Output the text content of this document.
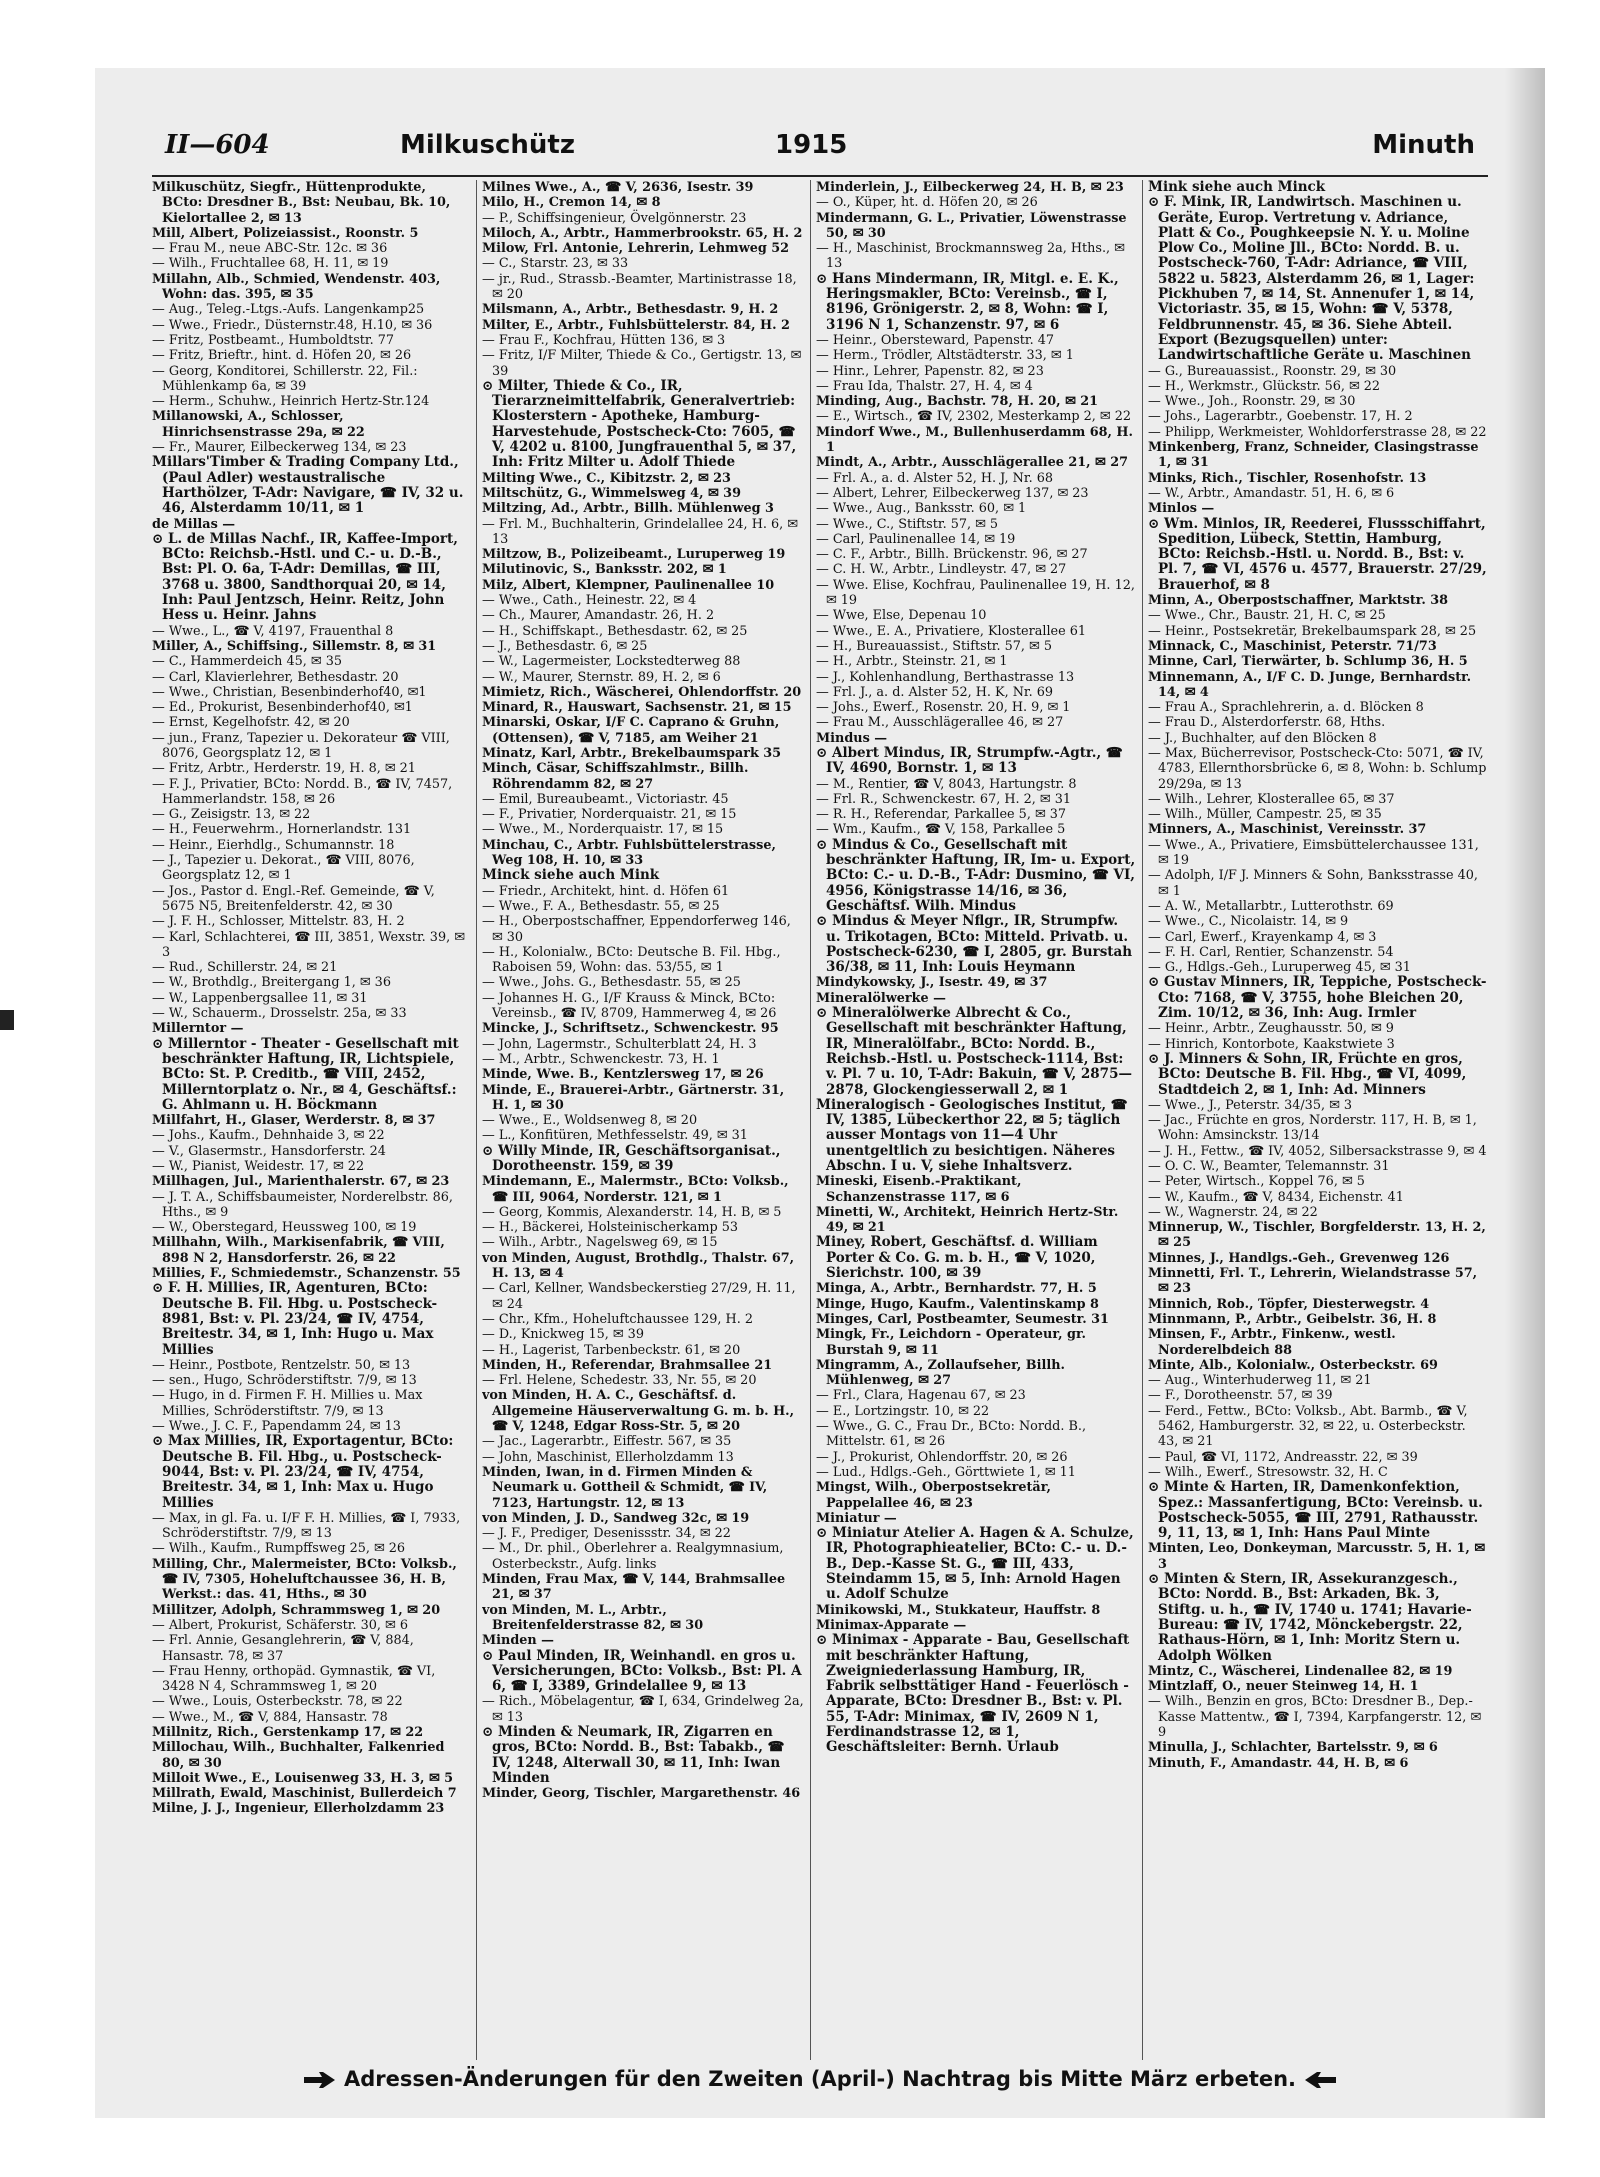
II—604	Milkuschütz	1915	Minuth

Milkuschütz, Siegfr., Hüttenprodukte, BCto: Dresdner B., Bst: Neubau, Bk. 10, Kielortallee 2, ✉ 13

Mill, Albert, Polizeiassist., Roonstr. 5

— Frau M., neue ABC-Str. 12c. ✉ 36

— Wilh., Fruchtallee 68, H. 11, ✉ 19

Millahn, Alb., Schmied, Wendenstr. 403, Wohn: das. 395, ✉ 35

— Aug., Teleg.-Ltgs.-Aufs. Langenkamp25

— Wwe., Friedr., Düsternstr.48, H.10, ✉ 36

— Fritz, Postbeamt., Humboldtstr. 77

— Fritz, Brieftr., hint. d. Höfen 20, ✉ 26

— Georg, Konditorei, Schillerstr. 22, Fil.: Mühlenkamp 6a, ✉ 39

— Herm., Schuhw., Heinrich Hertz-Str.124

Millanowski, A., Schlosser, Hinrichsenstrasse 29a, ✉ 22

— Fr., Maurer, Eilbeckerweg 134, ✉ 23

Millars'Timber & Trading Company Ltd., (Paul Adler) westaustralische Harthölzer, T-Adr: Navigare, ☎ IV, 32 u. 46, Alsterdamm 10/11, ✉ 1

de Millas —

⊙ L. de Millas Nachf., IR, Kaffee-Import, BCto: Reichsb.-Hstl. und C.- u. D.-B., Bst: Pl. O. 6a, T-Adr: Demillas, ☎ III, 3768 u. 3800, Sandthorquai 20, ✉ 14, Inh: Paul Jentzsch, Heinr. Reitz, John Hess u. Heinr. Jahns

— Wwe., L., ☎ V, 4197, Frauenthal 8

Miller, A., Schiffsing., Sillemstr. 8, ✉ 31

— C., Hammerdeich 45, ✉ 35

— Carl, Klavierlehrer, Bethesdastr. 20

— Wwe., Christian, Besenbinderhof40, ✉1

— Ed., Prokurist, Besenbinderhof40, ✉1

— Ernst, Kegelhofstr. 42, ✉ 20

— jun., Franz, Tapezier u. Dekorateur ☎ VIII, 8076, Georgsplatz 12, ✉ 1

— Fritz, Arbtr., Herderstr. 19, H. 8, ✉ 21

— F. J., Privatier, BCto: Nordd. B., ☎ IV, 7457, Hammerlandstr. 158, ✉ 26

— G., Zeisigstr. 13, ✉ 22

— H., Feuerwehrm., Hornerlandstr. 131

— Heinr., Eierhdlg., Schumannstr. 18

— J., Tapezier u. Dekorat., ☎ VIII, 8076, Georgsplatz 12, ✉ 1

— Jos., Pastor d. Engl.-Ref. Gemeinde, ☎ V, 5675 N5, Breitenfelderstr. 42, ✉ 30

— J. F. H., Schlosser, Mittelstr. 83, H. 2

— Karl, Schlachterei, ☎ III, 3851, Wexstr. 39, ✉ 3

— Rud., Schillerstr. 24, ✉ 21

— W., Brothdlg., Breitergang 1, ✉ 36

— W., Lappenbergsallee 11, ✉ 31

— W., Schauerm., Drosselstr. 25a, ✉ 33

Millerntor —

⊙ Millerntor - Theater - Gesellschaft mit beschränkter Haftung, IR, Lichtspiele, BCto: St. P. Creditb., ☎ VIII, 2452, Millerntorplatz o. Nr., ✉ 4, Geschäftsf.: G. Ahlmann u. H. Böckmann

Millfahrt, H., Glaser, Werderstr. 8, ✉ 37

— Johs., Kaufm., Dehnhaide 3, ✉ 22

— V., Glasermstr., Hansdorferstr. 24

— W., Pianist, Weidestr. 17, ✉ 22

Millhagen, Jul., Marienthalerstr. 67, ✉ 23

— J. T. A., Schiffsbaumeister, Norderelbstr. 86, Hths., ✉ 9

— W., Oberstegard, Heussweg 100, ✉ 19

Millhahn, Wilh., Markisenfabrik, ☎ VIII, 898 N 2, Hansdorferstr. 26, ✉ 22

Millies, F., Schmiedemstr., Schanzenstr. 55

⊙ F. H. Millies, IR, Agenturen, BCto: Deutsche B. Fil. Hbg. u. Postscheck-8981, Bst: v. Pl. 23/24, ☎ IV, 4754, Breitestr. 34, ✉ 1, Inh: Hugo u. Max Millies

— Heinr., Postbote, Rentzelstr. 50, ✉ 13

— sen., Hugo, Schröderstiftstr. 7/9, ✉ 13

— Hugo, in d. Firmen F. H. Millies u. Max Millies, Schröderstiftstr. 7/9, ✉ 13

— Wwe., J. C. F., Papendamm 24, ✉ 13

⊙ Max Millies, IR, Exportagentur, BCto: Deutsche B. Fil. Hbg., u. Postscheck-9044, Bst: v. Pl. 23/24, ☎ IV, 4754, Breitestr. 34, ✉ 1, Inh: Max u. Hugo Millies

— Max, in gl. Fa. u. I/F F. H. Millies, ☎ I, 7933, Schröderstiftstr. 7/9, ✉ 13

— Wilh., Kaufm., Rumpffsweg 25, ✉ 26

Milling, Chr., Malermeister, BCto: Volksb., ☎ IV, 7305, Hoheluftchaussee 36, H. B, Werkst.: das. 41, Hths., ✉ 30

Millitzer, Adolph, Schrammsweg 1, ✉ 20

— Albert, Prokurist, Schäferstr. 30, ✉ 6

— Frl. Annie, Gesanglehrerin, ☎ V, 884, Hansastr. 78, ✉ 37

— Frau Henny, orthopäd. Gymnastik, ☎ VI, 3428 N 4, Schrammsweg 1, ✉ 20

— Wwe., Louis, Osterbeckstr. 78, ✉ 22

— Wwe., M., ☎ V, 884, Hansastr. 78

Millnitz, Rich., Gerstenkamp 17, ✉ 22

Millochau, Wilh., Buchhalter, Falkenried 80, ✉ 30

Milloit Wwe., E., Louisenweg 33, H. 3, ✉ 5

Millrath, Ewald, Maschinist, Bullerdeich 7

Milne, J. J., Ingenieur, Ellerholzdamm 23

Milnes Wwe., A., ☎ V, 2636, Isestr. 39

Milo, H., Cremon 14, ✉ 8

— P., Schiffsingenieur, Övelgönnerstr. 23

Miloch, A., Arbtr., Hammerbrookstr. 65, H. 2

Milow, Frl. Antonie, Lehrerin, Lehmweg 52

— C., Starstr. 23, ✉ 33

— jr., Rud., Strassb.-Beamter, Martinistrasse 18, ✉ 20

Milsmann, A., Arbtr., Bethesdastr. 9, H. 2

Milter, E., Arbtr., Fuhlsbüttelerstr. 84, H. 2

— Frau F., Kochfrau, Hütten 136, ✉ 3

— Fritz, I/F Milter, Thiede & Co., Gertigstr. 13, ✉ 39

⊙ Milter, Thiede & Co., IR, Tierarzneimittelfabrik, Generalvertrieb: Klosterstern - Apotheke, Hamburg-Harvestehude, Postscheck-Cto: 7605, ☎ V, 4202 u. 8100, Jungfrauenthal 5, ✉ 37, Inh: Fritz Milter u. Adolf Thiede

Milting Wwe., C., Kibitzstr. 2, ✉ 23

Miltschütz, G., Wimmelsweg 4, ✉ 39

Miltzing, Ad., Arbtr., Billh. Mühlenweg 3

— Frl. M., Buchhalterin, Grindelallee 24, H. 6, ✉ 13

Miltzow, B., Polizeibeamt., Luruperweg 19

Milutinovic, S., Banksstr. 202, ✉ 1

Milz, Albert, Klempner, Paulinenallee 10

— Wwe., Cath., Heinestr. 22, ✉ 4

— Ch., Maurer, Amandastr. 26, H. 2

— H., Schiffskapt., Bethesdastr. 62, ✉ 25

— J., Bethesdastr. 6, ✉ 25

— W., Lagermeister, Lockstedterweg 88

— W., Maurer, Sternstr. 89, H. 2, ✉ 6

Mimietz, Rich., Wäscherei, Ohlendorffstr. 20

Minard, R., Hauswart, Sachsenstr. 21, ✉ 15

Minarski, Oskar, I/F C. Caprano & Gruhn, (Ottensen), ☎ V, 7185, am Weiher 21

Minatz, Karl, Arbtr., Brekelbaumspark 35

Minch, Cäsar, Schiffszahlmstr., Billh. Röhrendamm 82, ✉ 27

— Emil, Bureaubeamt., Victoriastr. 45

— F., Privatier, Norderquaistr. 21, ✉ 15

— Wwe., M., Norderquaistr. 17, ✉ 15

Minchau, C., Arbtr. Fuhlsbüttelerstrasse, Weg 108, H. 10, ✉ 33

Minck siehe auch Mink

— Friedr., Architekt, hint. d. Höfen 61

— Wwe., F. A., Bethesdastr. 55, ✉ 25

— H., Oberpostschaffner, Eppendorferweg 146, ✉ 30

— H., Kolonialw., BCto: Deutsche B. Fil. Hbg., Raboisen 59, Wohn: das. 53/55, ✉ 1

— Wwe., Johs. G., Bethesdastr. 55, ✉ 25

— Johannes H. G., I/F Krauss & Minck, BCto: Vereinsb., ☎ IV, 8709, Hammerweg 4, ✉ 26

Mincke, J., Schriftsetz., Schwenckestr. 95

— John, Lagermstr., Schulterblatt 24, H. 3

— M., Arbtr., Schwenckestr. 73, H. 1

Minde, Wwe. B., Kentzlersweg 17, ✉ 26

Minde, E., Brauerei-Arbtr., Gärtnerstr. 31, H. 1, ✉ 30

— Wwe., E., Woldsenweg 8, ✉ 20

— L., Konfitüren, Methfesselstr. 49, ✉ 31

⊙ Willy Minde, IR, Geschäftsorganisat., Dorotheenstr. 159, ✉ 39

Mindemann, E., Malermstr., BCto: Volksb., ☎ III, 9064, Norderstr. 121, ✉ 1

— Georg, Kommis, Alexanderstr. 14, H. B, ✉ 5

— H., Bäckerei, Holsteinischerkamp 53

— Wilh., Arbtr., Nagelsweg 69, ✉ 15

von Minden, August, Brothdlg., Thalstr. 67, H. 13, ✉ 4

— Carl, Kellner, Wandsbeckerstieg 27/29, H. 11, ✉ 24

— Chr., Kfm., Hoheluftchaussee 129, H. 2

— D., Knickweg 15, ✉ 39

— H., Lagerist, Tarbenbeckstr. 61, ✉ 20

Minden, H., Referendar, Brahmsallee 21

— Frl. Helene, Schedestr. 33, Nr. 55, ✉ 20

von Minden, H. A. C., Geschäftsf. d. Allgemeine Häuserverwaltung G. m. b. H., ☎ V, 1248, Edgar Ross-Str. 5, ✉ 20

— Jac., Lagerarbtr., Eiffestr. 567, ✉ 35

— John, Maschinist, Ellerholzdamm 13

Minden, Iwan, in d. Firmen Minden & Neumark u. Gottheil & Schmidt, ☎ IV, 7123, Hartungstr. 12, ✉ 13

von Minden, J. D., Sandweg 32c, ✉ 19

— J. F., Prediger, Desenissstr. 34, ✉ 22

— M., Dr. phil., Oberlehrer a. Realgymnasium, Osterbeckstr., Aufg. links

Minden, Frau Max, ☎ V, 144, Brahmsallee 21, ✉ 37

von Minden, M. L., Arbtr., Breitenfelderstrasse 82, ✉ 30

Minden —

⊙ Paul Minden, IR, Weinhandl. en gros u. Versicherungen, BCto: Volksb., Bst: Pl. A 6, ☎ I, 3389, Grindelallee 9, ✉ 13

— Rich., Möbelagentur, ☎ I, 634, Grindelweg 2a, ✉ 13

⊙ Minden & Neumark, IR, Zigarren en gros, BCto: Nordd. B., Bst: Tabakb., ☎ IV, 1248, Alterwall 30, ✉ 11, Inh: Iwan Minden

Minder, Georg, Tischler, Margarethenstr. 46

Minderlein, J., Eilbeckerweg 24, H. B, ✉ 23

— O., Küper, ht. d. Höfen 20, ✉ 26

Mindermann, G. L., Privatier, Löwenstrasse 50, ✉ 30

— H., Maschinist, Brockmannsweg 2a, Hths., ✉ 13

⊙ Hans Mindermann, IR, Mitgl. e. E. K., Heringsmakler, BCto: Vereinsb., ☎ I, 8196, Grönigerstr. 2, ✉ 8, Wohn: ☎ I, 3196 N 1, Schanzenstr. 97, ✉ 6

— Heinr., Obersteward, Papenstr. 47

— Herm., Trödler, Altstädterstr. 33, ✉ 1

— Hinr., Lehrer, Papenstr. 82, ✉ 23

— Frau Ida, Thalstr. 27, H. 4, ✉ 4

Minding, Aug., Bachstr. 78, H. 20, ✉ 21

— E., Wirtsch., ☎ IV, 2302, Mesterkamp 2, ✉ 22

Mindorf Wwe., M., Bullenhuserdamm 68, H. 1

Mindt, A., Arbtr., Ausschlägerallee 21, ✉ 27

— Frl. A., a. d. Alster 52, H. J, Nr. 68

— Albert, Lehrer, Eilbeckerweg 137, ✉ 23

— Wwe., Aug., Banksstr. 60, ✉ 1

— Wwe., C., Stiftstr. 57, ✉ 5

— Carl, Paulinenallee 14, ✉ 19

— C. F., Arbtr., Billh. Brückenstr. 96, ✉ 27

— C. H. W., Arbtr., Lindleystr. 47, ✉ 27

— Wwe. Elise, Kochfrau, Paulinenallee 19, H. 12, ✉ 19

— Wwe, Else, Depenau 10

— Wwe., E. A., Privatiere, Klosterallee 61

— H., Bureauassist., Stiftstr. 57, ✉ 5

— H., Arbtr., Steinstr. 21, ✉ 1

— J., Kohlenhandlung, Berthastrasse 13

— Frl. J., a. d. Alster 52, H. K, Nr. 69

— Johs., Ewerf., Rosenstr. 20, H. 9, ✉ 1

— Frau M., Ausschlägerallee 46, ✉ 27

Mindus —

⊙ Albert Mindus, IR, Strumpfw.-Agtr., ☎ IV, 4690, Bornstr. 1, ✉ 13

— M., Rentier, ☎ V, 8043, Hartungstr. 8

— Frl. R., Schwenckestr. 67, H. 2, ✉ 31

— R. H., Referendar, Parkallee 5, ✉ 37

— Wm., Kaufm., ☎ V, 158, Parkallee 5

⊙ Mindus & Co., Gesellschaft mit beschränkter Haftung, IR, Im- u. Export, BCto: C.- u. D.-B., T-Adr: Dusmino, ☎ VI, 4956, Königstrasse 14/16, ✉ 36, Geschäftsf. Wilh. Mindus

⊙ Mindus & Meyer Nflgr., IR, Strumpfw. u. Trikotagen, BCto: Mitteld. Privatb. u. Postscheck-6230, ☎ I, 2805, gr. Burstah 36/38, ✉ 11, Inh: Louis Heymann

Mindykowsky, J., Isestr. 49, ✉ 37

Mineralölwerke —

⊙ Mineralölwerke Albrecht & Co., Gesellschaft mit beschränkter Haftung, IR, Mineralölfabr., BCto: Nordd. B., Reichsb.-Hstl. u. Postscheck-1114, Bst: v. Pl. 7 u. 10, T-Adr: Bakuin, ☎ V, 2875—2878, Glockengiesserwall 2, ✉ 1

Mineralogisch - Geologisches Institut, ☎ IV, 1385, Lübeckerthor 22, ✉ 5; täglich ausser Montags von 11—4 Uhr unentgeltlich zu besichtigen. Näheres Abschn. I u. V, siehe Inhaltsverz.

Mineski, Eisenb.-Praktikant, Schanzenstrasse 117, ✉ 6

Minetti, W., Architekt, Heinrich Hertz-Str. 49, ✉ 21

Miney, Robert, Geschäftsf. d. William Porter & Co. G. m. b. H., ☎ V, 1020, Sierichstr. 100, ✉ 39

Minga, A., Arbtr., Bernhardstr. 77, H. 5

Minge, Hugo, Kaufm., Valentinskamp 8

Minges, Carl, Postbeamter, Seumestr. 31

Mingk, Fr., Leichdorn - Operateur, gr. Burstah 9, ✉ 11

Mingramm, A., Zollaufseher, Billh. Mühlenweg, ✉ 27

— Frl., Clara, Hagenau 67, ✉ 23

— E., Lortzingstr. 10, ✉ 22

— Wwe., G. C., Frau Dr., BCto: Nordd. B., Mittelstr. 61, ✉ 26

— J., Prokurist, Ohlendorffstr. 20, ✉ 26

— Lud., Hdlgs.-Geh., Görttwiete 1, ✉ 11

Mingst, Wilh., Oberpostsekretär, Pappelallee 46, ✉ 23

Miniatur —

⊙ Miniatur Atelier A. Hagen & A. Schulze, IR, Photographieatelier, BCto: C.- u. D.-B., Dep.-Kasse St. G., ☎ III, 433, Steindamm 15, ✉ 5, Inh: Arnold Hagen u. Adolf Schulze

Minikowski, M., Stukkateur, Hauffstr. 8

Minimax-Apparate —

⊙ Minimax - Apparate - Bau, Gesellschaft mit beschränkter Haftung, Zweigniederlassung Hamburg, IR, Fabrik selbsttätiger Hand - Feuerlösch - Apparate, BCto: Dresdner B., Bst: v. Pl. 55, T-Adr: Minimax, ☎ IV, 2609 N 1, Ferdinandstrasse 12, ✉ 1, Geschäftsleiter: Bernh. Urlaub

Mink siehe auch Minck

⊙ F. Mink, IR, Landwirtsch. Maschinen u. Geräte, Europ. Vertretung v. Adriance, Platt & Co., Poughkeepsie N. Y. u. Moline Plow Co., Moline Jll., BCto: Nordd. B. u. Postscheck-760, T-Adr: Adriance, ☎ VIII, 5822 u. 5823, Alsterdamm 26, ✉ 1, Lager: Pickhuben 7, ✉ 14, St. Annenufer 1, ✉ 14, Victoriastr. 35, ✉ 15, Wohn: ☎ V, 5378, Feldbrunnenstr. 45, ✉ 36. Siehe Abteil. Export (Bezugsquellen) unter: Landwirtschaftliche Geräte u. Maschinen

— G., Bureauassist., Roonstr. 29, ✉ 30

— H., Werkmstr., Glückstr. 56, ✉ 22

— Wwe., Joh., Roonstr. 29, ✉ 30

— Johs., Lagerarbtr., Goebenstr. 17, H. 2

— Philipp, Werkmeister, Wohldorferstrasse 28, ✉ 22

Minkenberg, Franz, Schneider, Clasingstrasse 1, ✉ 31

Minks, Rich., Tischler, Rosenhofstr. 13

— W., Arbtr., Amandastr. 51, H. 6, ✉ 6

Minlos —

⊙ Wm. Minlos, IR, Reederei, Flussschiffahrt, Spedition, Lübeck, Stettin, Hamburg, BCto: Reichsb.-Hstl. u. Nordd. B., Bst: v. Pl. 7, ☎ VI, 4576 u. 4577, Brauerstr. 27/29, Brauerhof, ✉ 8

Minn, A., Oberpostschaffner, Marktstr. 38

— Wwe., Chr., Baustr. 21, H. C, ✉ 25

— Heinr., Postsekretär, Brekelbaumspark 28, ✉ 25

Minnack, C., Maschinist, Peterstr. 71/73

Minne, Carl, Tierwärter, b. Schlump 36, H. 5

Minnemann, A., I/F C. D. Junge, Bernhardstr. 14, ✉ 4

— Frau A., Sprachlehrerin, a. d. Blöcken 8

— Frau D., Alsterdorferstr. 68, Hths.

— J., Buchhalter, auf den Blöcken 8

— Max, Bücherrevisor, Postscheck-Cto: 5071, ☎ IV, 4783, Ellernthorsbrücke 6, ✉ 8, Wohn: b. Schlump 29/29a, ✉ 13

— Wilh., Lehrer, Klosterallee 65, ✉ 37

— Wilh., Müller, Campestr. 25, ✉ 35

Minners, A., Maschinist, Vereinsstr. 37

— Wwe., A., Privatiere, Eimsbüttelerchaussee 131, ✉ 19

— Adolph, I/F J. Minners & Sohn, Banksstrasse 40, ✉ 1

— A. W., Metallarbtr., Lutterothstr. 69

— Wwe., C., Nicolaistr. 14, ✉ 9

— Carl, Ewerf., Krayenkamp 4, ✉ 3

— F. H. Carl, Rentier, Schanzenstr. 54

— G., Hdlgs.-Geh., Luruperweg 45, ✉ 31

⊙ Gustav Minners, IR, Teppiche, Postscheck-Cto: 7168, ☎ V, 3755, hohe Bleichen 20, Zim. 10/12, ✉ 36, Inh: Aug. Irmler

— Heinr., Arbtr., Zeughausstr. 50, ✉ 9

— Hinrich, Kontorbote, Kaakstwiete 3

⊙ J. Minners & Sohn, IR, Früchte en gros, BCto: Deutsche B. Fil. Hbg., ☎ VI, 4099, Stadtdeich 2, ✉ 1, Inh: Ad. Minners

— Wwe., J., Peterstr. 34/35, ✉ 3

— Jac., Früchte en gros, Norderstr. 117, H. B, ✉ 1, Wohn: Amsinckstr. 13/14

— J. H., Fettw., ☎ IV, 4052, Silbersackstrasse 9, ✉ 4

— O. C. W., Beamter, Telemannstr. 31

— Peter, Wirtsch., Koppel 76, ✉ 5

— W., Kaufm., ☎ V, 8434, Eichenstr. 41

— W., Wagnerstr. 24, ✉ 22

Minnerup, W., Tischler, Borgfelderstr. 13, H. 2, ✉ 25

Minnes, J., Handlgs.-Geh., Grevenweg 126

Minnetti, Frl. T., Lehrerin, Wielandstrasse 57, ✉ 23

Minnich, Rob., Töpfer, Diesterwegstr. 4

Minnmann, P., Arbtr., Geibelstr. 36, H. 8

Minsen, F., Arbtr., Finkenw., westl. Norderelbdeich 88

Minte, Alb., Kolonialw., Osterbeckstr. 69

— Aug., Winterhuderweg 11, ✉ 21

— F., Dorotheenstr. 57, ✉ 39

— Ferd., Fettw., BCto: Volksb., Abt. Barmb., ☎ V, 5462, Hamburgerstr. 32, ✉ 22, u. Osterbeckstr. 43, ✉ 21

— Paul, ☎ VI, 1172, Andreasstr. 22, ✉ 39

— Wilh., Ewerf., Stresowstr. 32, H. C

⊙ Minte & Harten, IR, Damenkonfektion, Spez.: Massanfertigung, BCto: Vereinsb. u. Postscheck-5055, ☎ III, 2791, Rathausstr. 9, 11, 13, ✉ 1, Inh: Hans Paul Minte

Minten, Leo, Donkeyman, Marcusstr. 5, H. 1, ✉ 3

⊙ Minten & Stern, IR, Assekuranzgesch., BCto: Nordd. B., Bst: Arkaden, Bk. 3, Stiftg. u. h., ☎ IV, 1740 u. 1741; Havarie-Bureau: ☎ IV, 1742, Mönckebergstr. 22, Rathaus-Hörn, ✉ 1, Inh: Moritz Stern u. Adolph Wölken

Mintz, C., Wäscherei, Lindenallee 82, ✉ 19

Mintzlaff, O., neuer Steinweg 14, H. 1

— Wilh., Benzin en gros, BCto: Dresdner B., Dep.-Kasse Mattentw., ☎ I, 7394, Karpfangerstr. 12, ✉ 9

Minulla, J., Schlachter, Bartelsstr. 9, ✉ 6

Minuth, F., Amandastr. 44, H. B, ✉ 6

Adressen-Änderungen für den Zweiten (April-) Nachtrag bis Mitte März erbeten.
